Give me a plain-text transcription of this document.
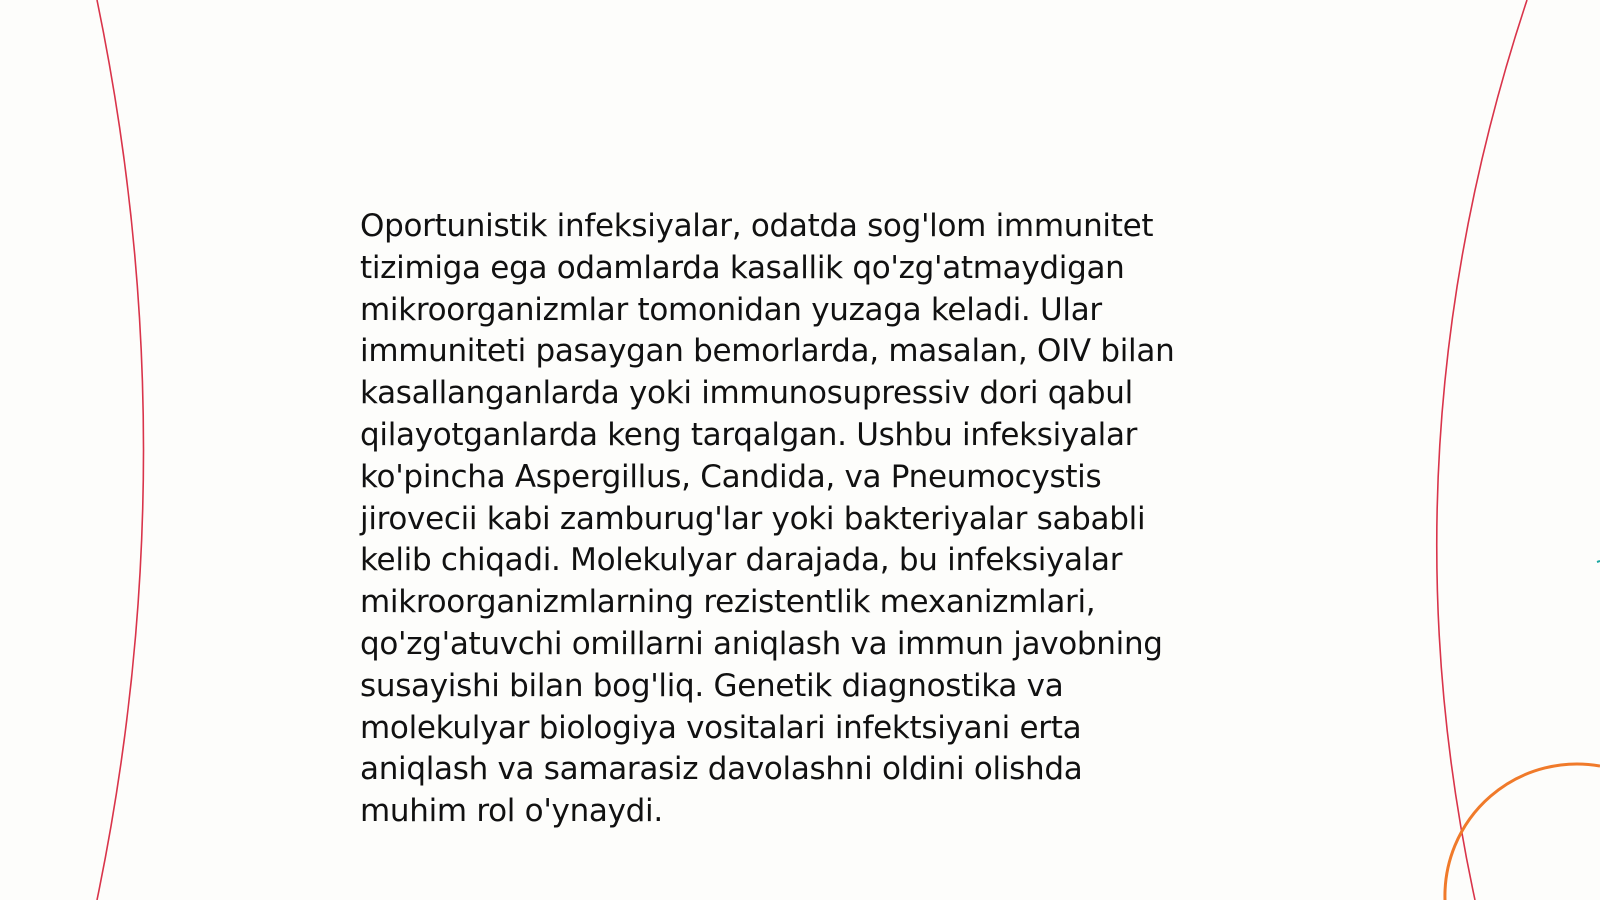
Oportunistik infeksiyalar, odatda sog'lom immunitet
tizimiga ega odamlarda kasallik qo'zg'atmaydigan
mikroorganizmlar tomonidan yuzaga keladi. Ular
immuniteti pasaygan bemorlarda, masalan, OIV bilan
kasallanganlarda yoki immunosupressiv dori qabul
qilayotganlarda keng tarqalgan. Ushbu infeksiyalar
ko'pincha Aspergillus, Candida, va Pneumocystis
jirovecii kabi zamburug'lar yoki bakteriyalar sababli
kelib chiqadi. Molekulyar darajada, bu infeksiyalar
mikroorganizmlarning rezistentlik mexanizmlari,
qo'zg'atuvchi omillarni aniqlash va immun javobning
susayishi bilan bog'liq. Genetik diagnostika va
molekulyar biologiya vositalari infektsiyani erta
aniqlash va samarasiz davolashni oldini olishda
muhim rol o'ynaydi.
